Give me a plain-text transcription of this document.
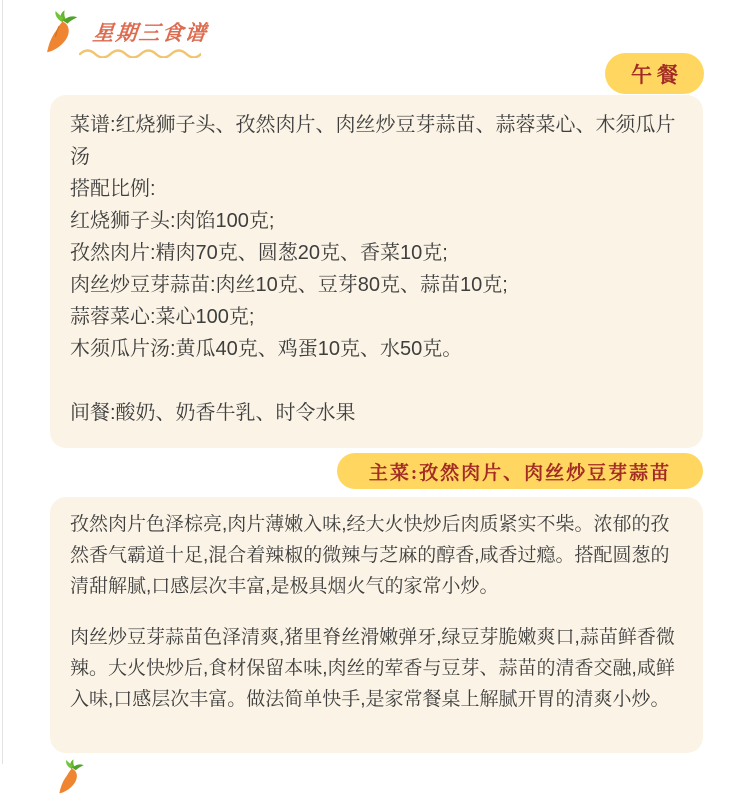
星期三食谱
午餐
菜谱:红烧狮子头、孜然肉片、肉丝炒豆芽蒜苗、蒜蓉菜心、木须瓜片
汤
搭配比例:
红烧狮子头:肉馅100克;
孜然肉片:精肉70克、圆葱20克、香菜10克;
肉丝炒豆芽蒜苗:肉丝10克、豆芽80克、蒜苗10克;
蒜蓉菜心:菜心100克;
木须瓜片汤:黄瓜40克、鸡蛋10克、水50克。
间餐:酸奶、奶香牛乳、时令水果
主菜:孜然肉片、肉丝炒豆芽蒜苗

孜然肉片色泽棕亮,肉片薄嫩入味,经大火快炒后肉质紧实不柴。浓郁的孜然香气霸道十足,混合着辣椒的微辣与芝麻的醇香,咸香过瘾。搭配圆葱的清甜解腻,口感层次丰富,是极具烟火气的家常小炒。

肉丝炒豆芽蒜苗色泽清爽,猪里脊丝滑嫩弹牙,绿豆芽脆嫩爽口,蒜苗鲜香微辣。大火快炒后,食材保留本味,肉丝的荤香与豆芽、蒜苗的清香交融,咸鲜入味,口感层次丰富。做法简单快手,是家常餐桌上解腻开胃的清爽小炒。
